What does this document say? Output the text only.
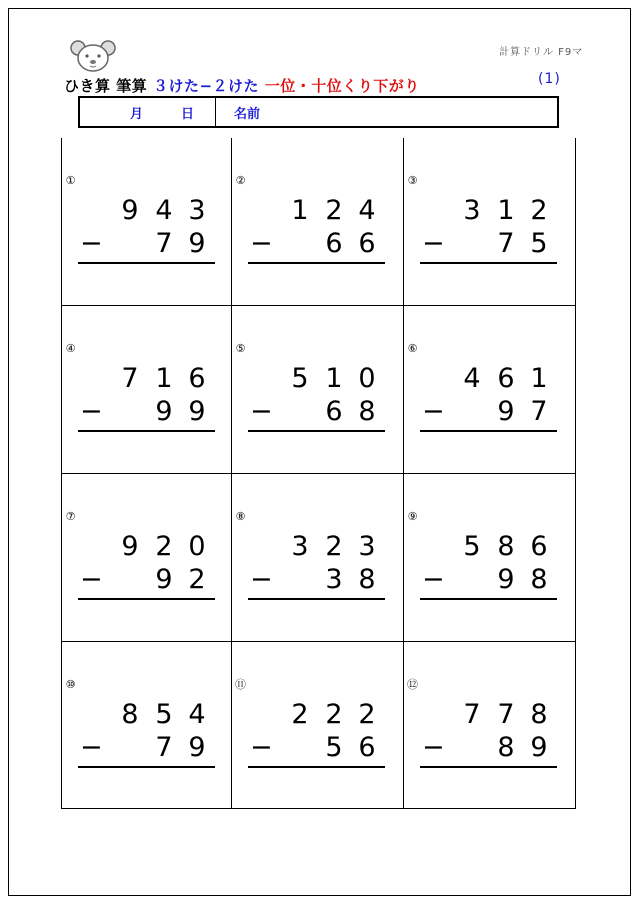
計算ドリル F9マ
ひき算 筆算 ３けた−２けた 一位・十位くり下がり	(1)
月	日	名前
①
9 4 3
− 7 9
②
1 2 4
− 6 6
③
3 1 2
− 7 5
④
7 1 6
− 9 9
⑤
5 1 0
− 6 8
⑥
4 6 1
− 9 7
⑦
9 2 0
− 9 2
⑧
3 2 3
− 3 8
⑨
5 8 6
− 9 8
⑩
8 5 4
− 7 9
⑪
2 2 2
− 5 6
⑫
7 7 8
− 8 9
